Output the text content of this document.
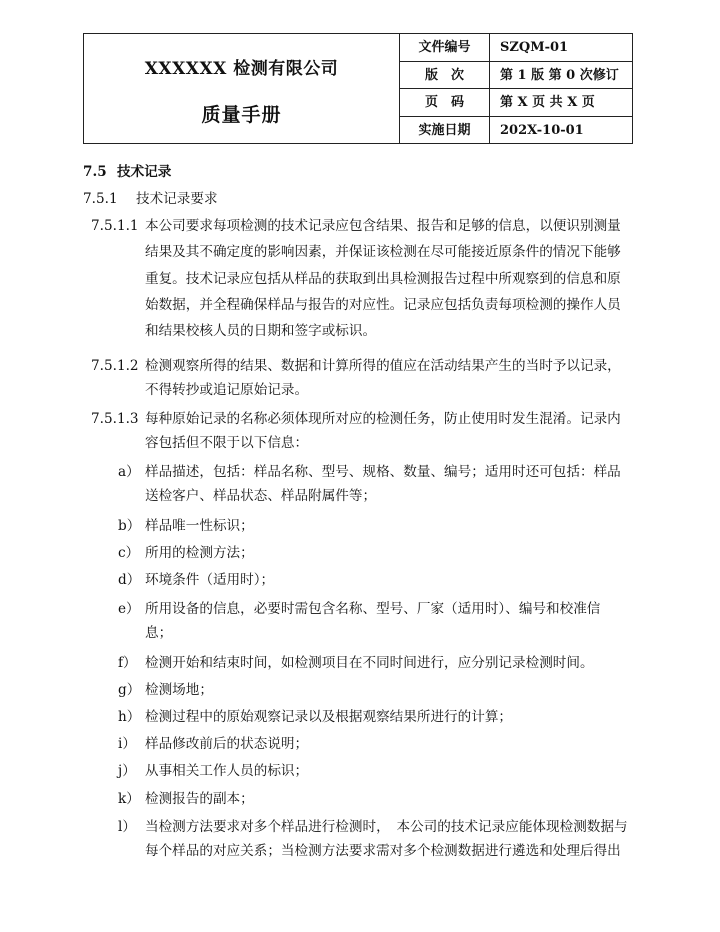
XXXXXX 检测有限公司
质量手册
文件编号	SZQM-01
版　次	第 1 版 第 0 次修订
页　码	第 X 页 共 X 页
实施日期	202X-10-01
7.5 技术记录
7.5.1 技术记录要求
7.5.1.1 本公司要求每项检测的技术记录应包含结果、报告和足够的信息，以便识别测量
结果及其不确定度的影响因素，并保证该检测在尽可能接近原条件的情况下能够
重复。技术记录应包括从样品的获取到出具检测报告过程中所观察到的信息和原
始数据，并全程确保样品与报告的对应性。记录应包括负责每项检测的操作人员
和结果校核人员的日期和签字或标识。
7.5.1.2 检测观察所得的结果、数据和计算所得的值应在活动结果产生的当时予以记录，
不得转抄或追记原始记录。
7.5.1.3 每种原始记录的名称必须体现所对应的检测任务，防止使用时发生混淆。记录内
容包括但不限于以下信息：
a） 样品描述，包括：样品名称、型号、规格、数量、编号；适用时还可包括：样品
送检客户、样品状态、样品附属件等；
b） 样品唯一性标识；
c） 所用的检测方法；
d） 环境条件（适用时）；
e） 所用设备的信息，必要时需包含名称、型号、厂家（适用时）、编号和校准信
息；
f） 检测开始和结束时间，如检测项目在不同时间进行，应分别记录检测时间。
g） 检测场地；
h） 检测过程中的原始观察记录以及根据观察结果所进行的计算；
i） 样品修改前后的状态说明；
j） 从事相关工作人员的标识；
k） 检测报告的副本；
l） 当检测方法要求对多个样品进行检测时，　本公司的技术记录应能体现检测数据与
每个样品的对应关系；当检测方法要求需对多个检测数据进行遴选和处理后得出
